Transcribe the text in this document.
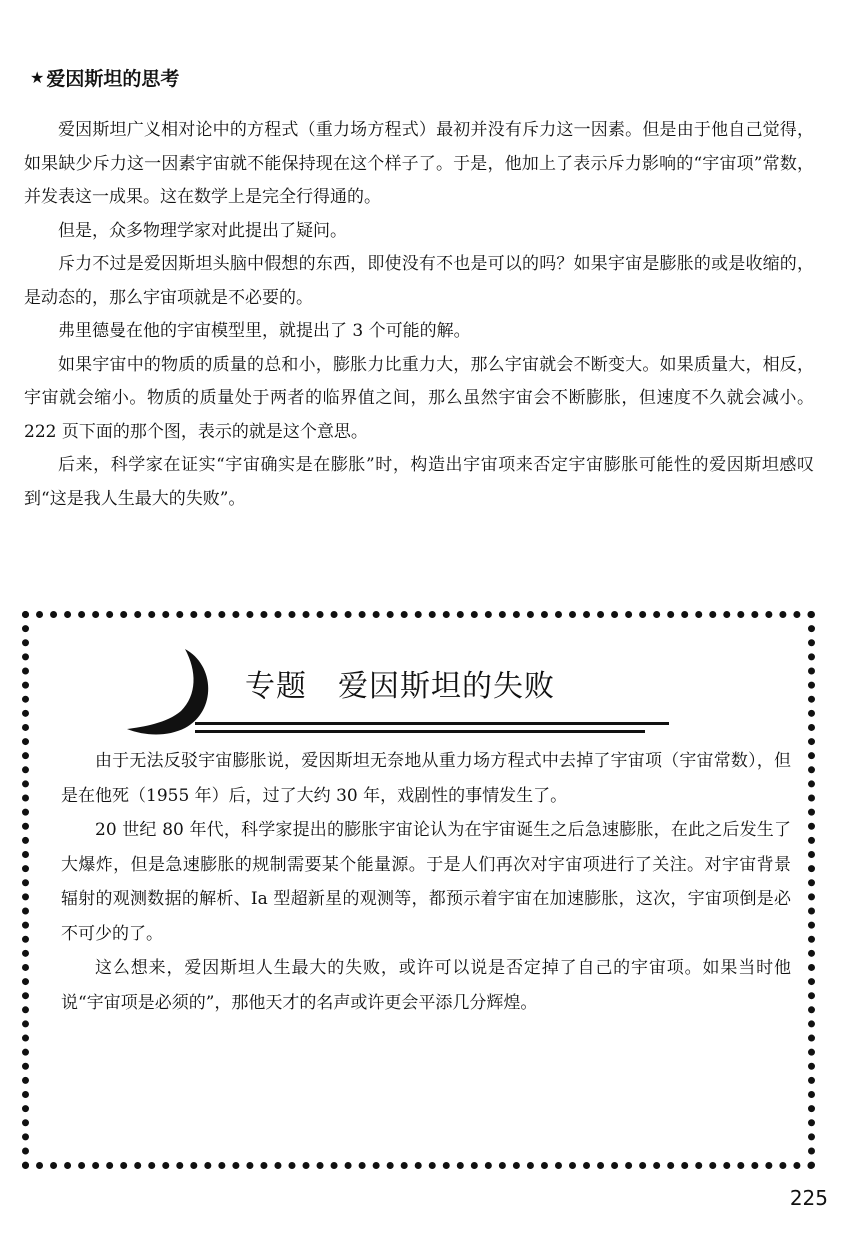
★ 爱因斯坦的思考

爱因斯坦广义相对论中的方程式（重力场方程式）最初并没有斥力这一因素。但是由于他自己觉得，如果缺少斥力这一因素宇宙就不能保持现在这个样子了。于是，他加上了表示斥力影响的“宇宙项”常数，并发表这一成果。这在数学上是完全行得通的。

但是，众多物理学家对此提出了疑问。

斥力不过是爱因斯坦头脑中假想的东西，即使没有不也是可以的吗？如果宇宙是膨胀的或是收缩的，是动态的，那么宇宙项就是不必要的。

弗里德曼在他的宇宙模型里，就提出了 3 个可能的解。

如果宇宙中的物质的质量的总和小，膨胀力比重力大，那么宇宙就会不断变大。如果质量大，相反，宇宙就会缩小。物质的质量处于两者的临界值之间，那么虽然宇宙会不断膨胀，但速度不久就会减小。222 页下面的那个图，表示的就是这个意思。

后来，科学家在证实“宇宙确实是在膨胀”时，构造出宇宙项来否定宇宙膨胀可能性的爱因斯坦感叹到“这是我人生最大的失败”。

专题　爱因斯坦的失败

由于无法反驳宇宙膨胀说，爱因斯坦无奈地从重力场方程式中去掉了宇宙项（宇宙常数），但是在他死（1955 年）后，过了大约 30 年，戏剧性的事情发生了。

20 世纪 80 年代，科学家提出的膨胀宇宙论认为在宇宙诞生之后急速膨胀，在此之后发生了大爆炸，但是急速膨胀的规制需要某个能量源。于是人们再次对宇宙项进行了关注。对宇宙背景辐射的观测数据的解析、Ia 型超新星的观测等，都预示着宇宙在加速膨胀，这次，宇宙项倒是必不可少的了。

这么想来，爱因斯坦人生最大的失败，或许可以说是否定掉了自己的宇宙项。如果当时他说“宇宙项是必须的”，那他天才的名声或许更会平添几分辉煌。

225
